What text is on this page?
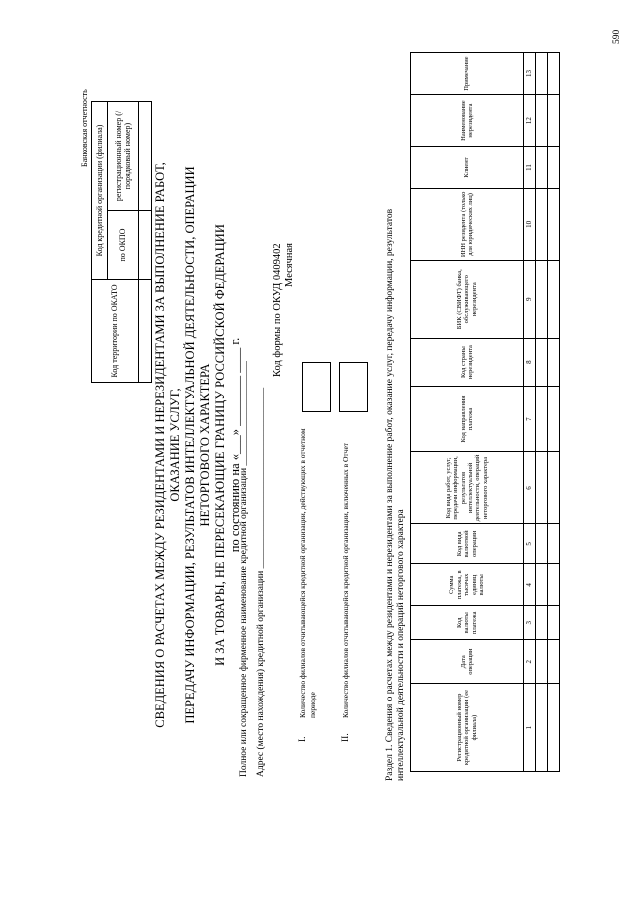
Банковская отчетность
Код территории по ОКАТО	Код кредитной организации (филиала)	
	по ОКПО	регистрационный номер (/порядковый номер)

СВЕДЕНИЯ О РАСЧЕТАХ МЕЖДУ РЕЗИДЕНТАМИ И НЕРЕЗИДЕНТАМИ ЗА ВЫПОЛНЕНИЕ РАБОТ, ОКАЗАНИЕ УСЛУГ, ПЕРЕДАЧУ ИНФОРМАЦИИ, РЕЗУЛЬТАТОВ ИНТЕЛЛЕКТУАЛЬНОЙ ДЕЯТЕЛЬНОСТИ, ОПЕРАЦИИ НЕТОРГОВОГО ХАРАКТЕРА И ЗА ТОВАРЫ, НЕ ПЕРЕСЕКАЮЩИЕ ГРАНИЦУ РОССИЙСКОЙ ФЕДЕРАЦИИ по состоянию на «___» ________ ____ г.
Код формы по ОКУД 0409402 Месячная
Полное или сокращенное фирменное наименование кредитной организации ______________________ Адрес (место нахождения) кредитной организации ______________________________________	I.
Количество филиалов отчитывающейся кредитной организации, действующих в отчетном периоде
II.
Количество филиалов отчитывающейся кредитной организации, включенных в Отчет	Раздел 1. Сведения о расчетах между резидентами и нерезидентами за выполнение работ, оказание услуг, передачу информации, результатов интеллектуальной деятельности и операций неторгового характера	Регистрационный номер кредитной организации (ее филиала)	Дата операции	Код валюты платежа	Сумма платежа, в тысячах единиц валюты	Код вида валютной операции	Код вида работ, услуг, передачи информации, результатов интеллектуальной деятельности, операций неторгового характера	Код направления платежа	Код страны нерезидента	БИК (СВИФТ) банка, обслуживающего нерезидента	ИНН резидента (только для юридических лиц)	Клиент	Наименование нерезидента	Примечание
1	2	3	4	5	6	7	8	9	10	11	12	13

590
